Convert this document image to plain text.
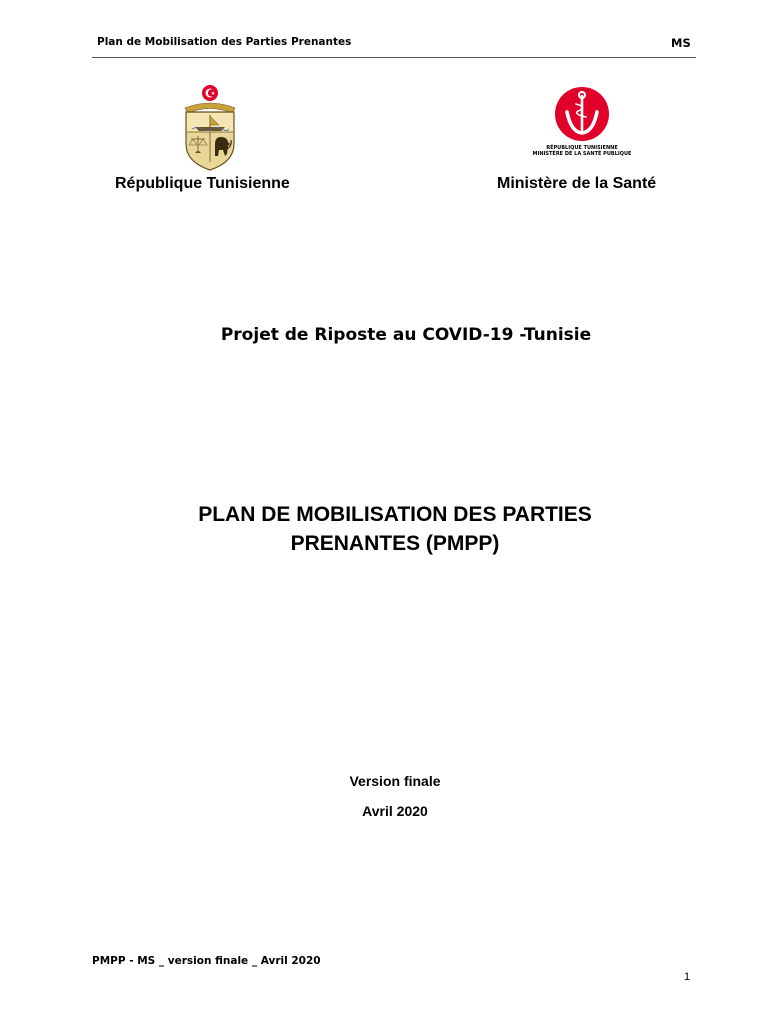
Plan de Mobilisation des Parties Prenantes	MS
RÉPUBLIQUE TUNISIENNE
MINISTÈRE DE LA SANTÉ PUBLIQUE
République Tunisienne	Ministère de la Santé
Projet de Riposte au COVID-19 -Tunisie
PLAN DE MOBILISATION DES PARTIES
PRENANTES (PMPP)
Version finale
Avril 2020
PMPP - MS _ version finale _ Avril 2020
1
